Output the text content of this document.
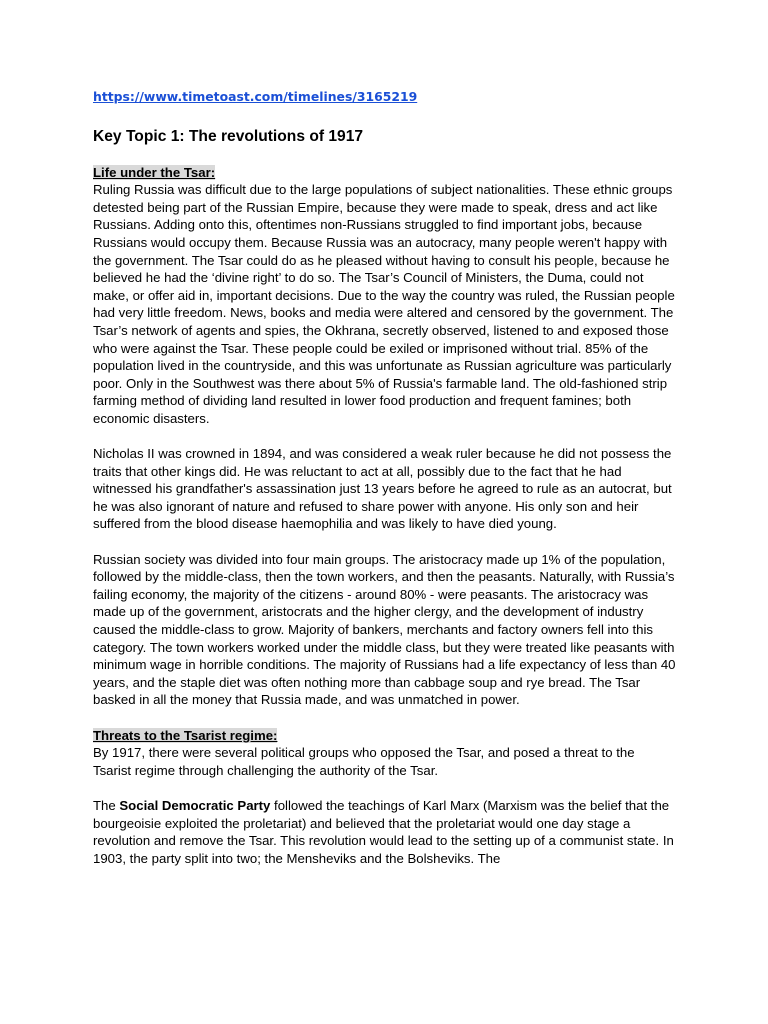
https://www.timetoast.com/timelines/3165219
Key Topic 1: The revolutions of 1917
Life under the Tsar:

Ruling Russia was difficult due to the large populations of subject nationalities. These ethnic groups detested being part of the Russian Empire, because they were made to speak, dress and act like Russians. Adding onto this, oftentimes non-Russians struggled to find important jobs, because Russians would occupy them. Because Russia was an autocracy, many people weren't happy with the government. The Tsar could do as he pleased without having to consult his people, because he believed he had the ‘divine right’ to do so. The Tsar’s Council of Ministers, the Duma, could not make, or offer aid in, important decisions. Due to the way the country was ruled, the Russian people had very little freedom. News, books and media were altered and censored by the government. The Tsar’s network of agents and spies, the Okhrana, secretly observed, listened to and exposed those who were against the Tsar. These people could be exiled or imprisoned without trial. 85% of the population lived in the countryside, and this was unfortunate as Russian agriculture was particularly poor. Only in the Southwest was there about 5% of Russia's farmable land. The old-fashioned strip farming method of dividing land resulted in lower food production and frequent famines; both economic disasters.

Nicholas II was crowned in 1894, and was considered a weak ruler because he did not possess the traits that other kings did. He was reluctant to act at all, possibly due to the fact that he had witnessed his grandfather's assassination just 13 years before he agreed to rule as an autocrat, but he was also ignorant of nature and refused to share power with anyone. His only son and heir suffered from the blood disease haemophilia and was likely to have died young.

Russian society was divided into four main groups. The aristocracy made up 1% of the population, followed by the middle-class, then the town workers, and then the peasants. Naturally, with Russia’s failing economy, the majority of the citizens - around 80% - were peasants. The aristocracy was made up of the government, aristocrats and the higher clergy, and the development of industry caused the middle-class to grow. Majority of bankers, merchants and factory owners fell into this category. The town workers worked under the middle class, but they were treated like peasants with minimum wage in horrible conditions. The majority of Russians had a life expectancy of less than 40 years, and the staple diet was often nothing more than cabbage soup and rye bread. The Tsar basked in all the money that Russia made, and was unmatched in power.

Threats to the Tsarist regime:

By 1917, there were several political groups who opposed the Tsar, and posed a threat to the Tsarist regime through challenging the authority of the Tsar.

The Social Democratic Party followed the teachings of Karl Marx (Marxism was the belief that the bourgeoisie exploited the proletariat) and believed that the proletariat would one day stage a revolution and remove the Tsar. This revolution would lead to the setting up of a communist state. In 1903, the party split into two; the Mensheviks and the Bolsheviks. The
